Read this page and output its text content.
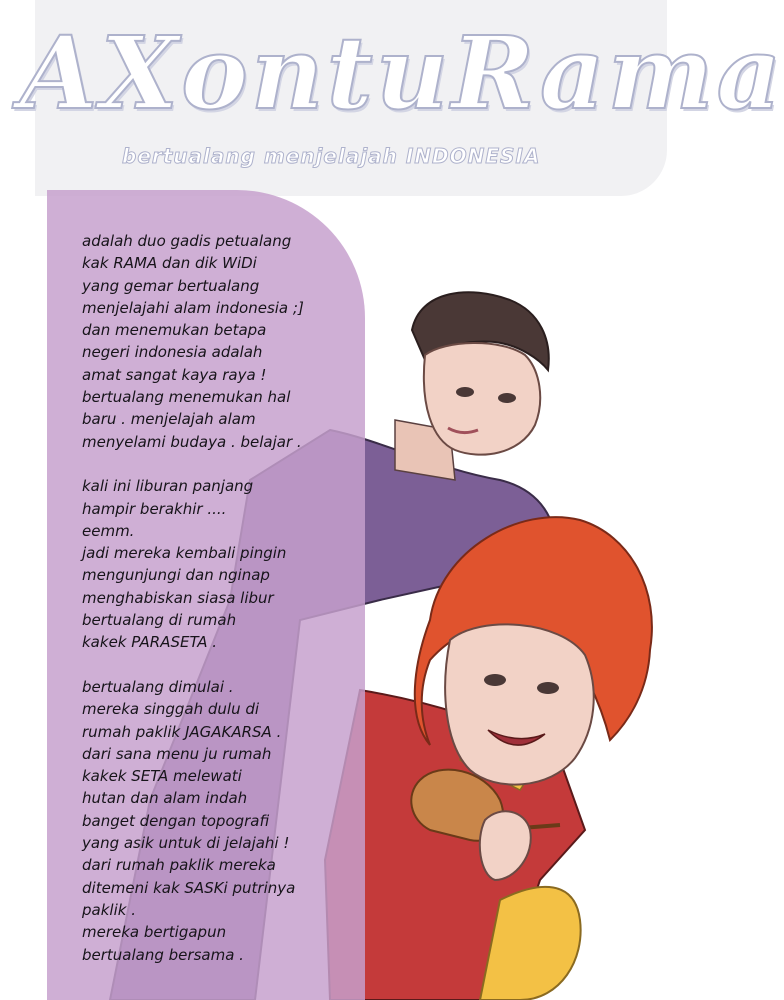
AXontuRama

bertualang menjelajah INDONESIA

adalah duo gadis petualang
kak RAMA dan dik WiDi
yang gemar bertualang
menjelajahi alam indonesia ;]
dan menemukan betapa
negeri indonesia adalah
amat sangat kaya raya !
bertualang menemukan hal
baru . menjelajah alam
menyelami budaya . belajar .

kali ini liburan panjang
hampir berakhir ....
eemm.
jadi mereka kembali pingin
mengunjungi dan nginap
menghabiskan siasa libur
bertualang di rumah
kakek PARASETA .

bertualang dimulai .
mereka singgah dulu di
rumah paklik JAGAKARSA .
dari sana menu ju rumah
kakek SETA melewati
hutan dan alam indah
banget dengan topografi
yang asik untuk di jelajahi !
dari rumah paklik mereka
ditemeni kak SASKi putrinya
paklik .
mereka bertigapun
bertualang bersama .
